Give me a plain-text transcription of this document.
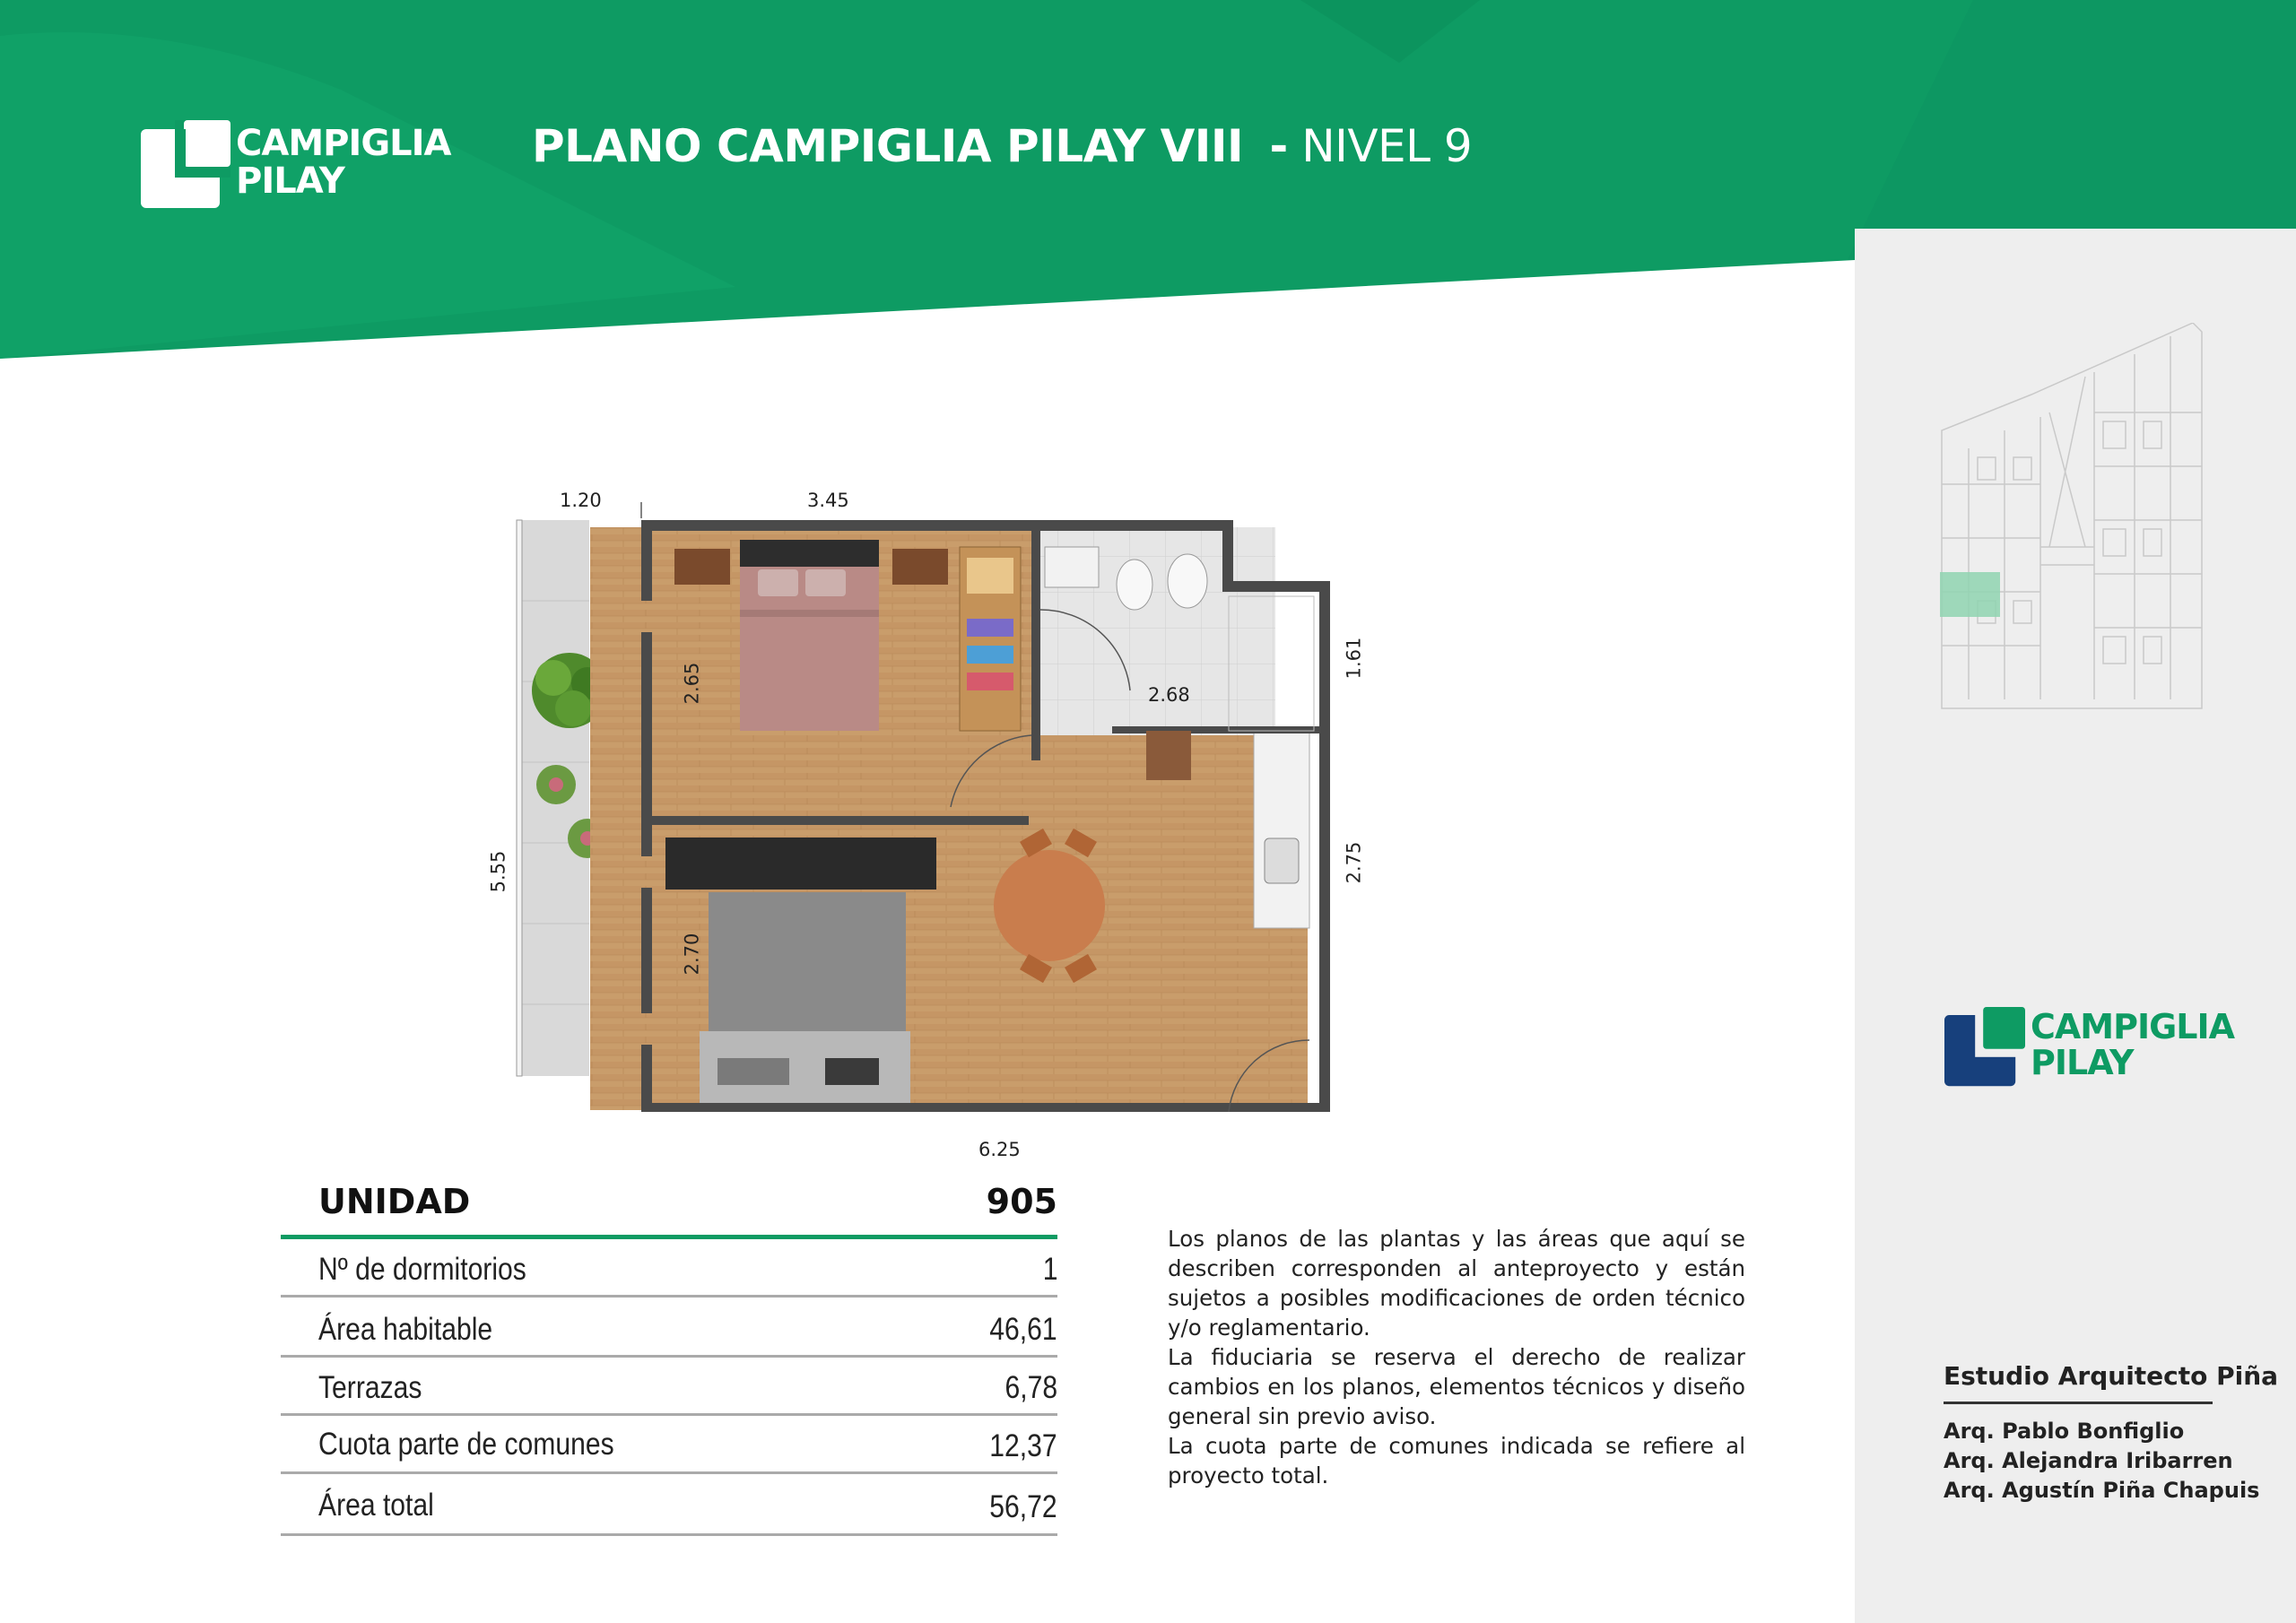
CAMPIGLIA
PILAY
PLANO CAMPIGLIA PILAY VIII - NIVEL 9
CAMPIGLIA
PILAY
Estudio Arquitecto Piña
Arq. Pablo Bonfiglio
Arq. Alejandra Iribarren
Arq. Agustín Piña Chapuis
1.20	3.45
5.55
2.65
2.70
2.68
1.61
2.75
6.25
UNIDAD	905
Nº de dormitorios	1
Área habitable	46,61
Terrazas	6,78
Cuota parte de comunes	12,37
Área total	56,72

Los planos de las plantas y las áreas que aquí se describen corresponden al anteproyecto y están sujetos a posibles modificaciones de orden técnico y/o reglamentario.

La fiduciaria se reserva el derecho de realizar cambios en los planos, elementos técnicos y diseño general sin previo aviso.

La cuota parte de comunes indicada se refiere al proyecto total.
